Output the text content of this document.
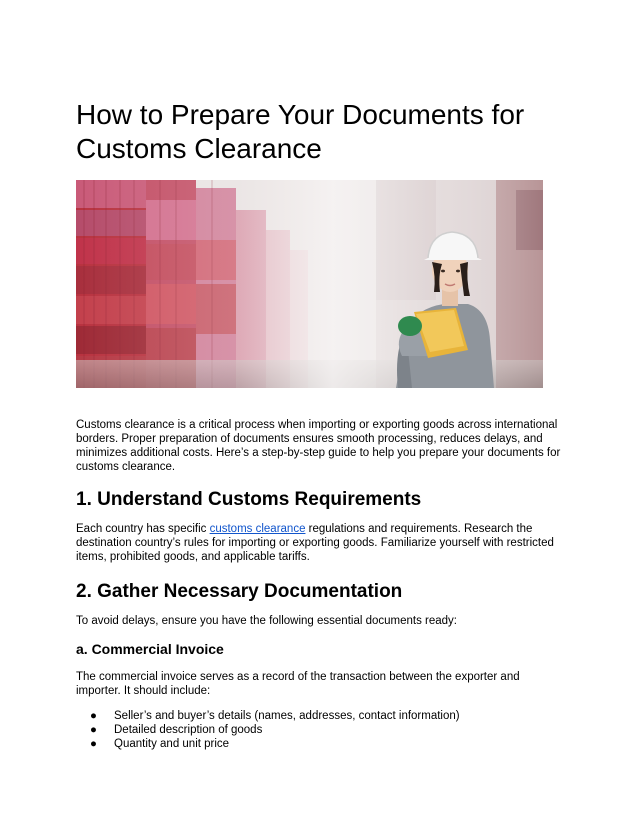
How to Prepare Your Documents for Customs Clearance

Customs clearance is a critical process when importing or exporting goods across international borders. Proper preparation of documents ensures smooth processing, reduces delays, and minimizes additional costs. Here’s a step-by-step guide to help you prepare your documents for customs clearance.

1. Understand Customs Requirements

Each country has specific customs clearance regulations and requirements. Research the destination country’s rules for importing or exporting goods. Familiarize yourself with restricted items, prohibited goods, and applicable tariffs.

2. Gather Necessary Documentation

To avoid delays, ensure you have the following essential documents ready:

a. Commercial Invoice

The commercial invoice serves as a record of the transaction between the exporter and importer. It should include:

● Seller’s and buyer’s details (names, addresses, contact information)
● Detailed description of goods
● Quantity and unit price
